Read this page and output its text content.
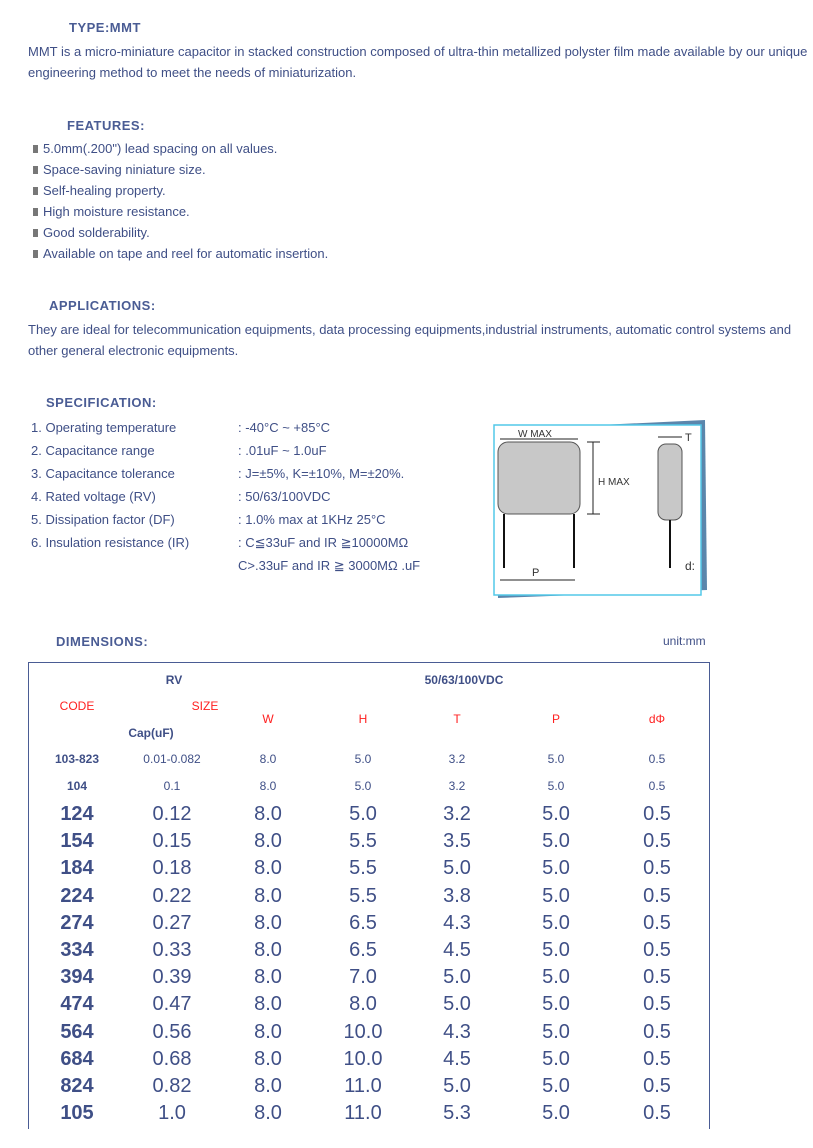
TYPE:MMT
MMT is a micro-miniature capacitor in stacked construction composed of ultra-thin metallized polyster film made available by our unique engineering method to meet the needs of miniaturization.
FEATURES:
5.0mm(.200") lead spacing on all values.
Space-saving niniature size.
Self-healing property.
High moisture resistance.
Good solderability.
Available on tape and reel for automatic insertion.
APPLICATIONS:
They are ideal for telecommunication equipments, data processing equipments,industrial instruments, automatic control systems and other general electronic equipments.
SPECIFICATION:
1. Operating temperature	: -40°C ~ +85°C
2. Capacitance range	: .01uF ~ 1.0uF
3. Capacitance tolerance	: J=±5%, K=±10%, M=±20%.
4. Rated voltage (RV)	: 50/63/100VDC
5. Dissipation factor (DF)	: 1.0% max at 1KHz 25°C
6. Insulation resistance (IR)	: C≦33uF and IR ≧10000MΩ
C>.33uF and IR ≧ 3000MΩ .uF
W MAX
H MAX
T
P	d:
DIMENSIONS:	unit:mm
RV	50/63/100VDC
CODE	SIZE
Cap(uF)
W	H	T	P	dΦ
103-823	0.01-0.082	8.0	5.0	3.2	5.0	0.5
104	0.1	8.0	5.0	3.2	5.0	0.5
124	0.12	8.0	5.0	3.2	5.0	0.5
154	0.15	8.0	5.5	3.5	5.0	0.5
184	0.18	8.0	5.5	5.0	5.0	0.5
224	0.22	8.0	5.5	3.8	5.0	0.5
274	0.27	8.0	6.5	4.3	5.0	0.5
334	0.33	8.0	6.5	4.5	5.0	0.5
394	0.39	8.0	7.0	5.0	5.0	0.5
474	0.47	8.0	8.0	5.0	5.0	0.5
564	0.56	8.0	10.0	4.3	5.0	0.5
684	0.68	8.0	10.0	4.5	5.0	0.5
824	0.82	8.0	11.0	5.0	5.0	0.5
105	1.0	8.0	11.0	5.3	5.0	0.5
